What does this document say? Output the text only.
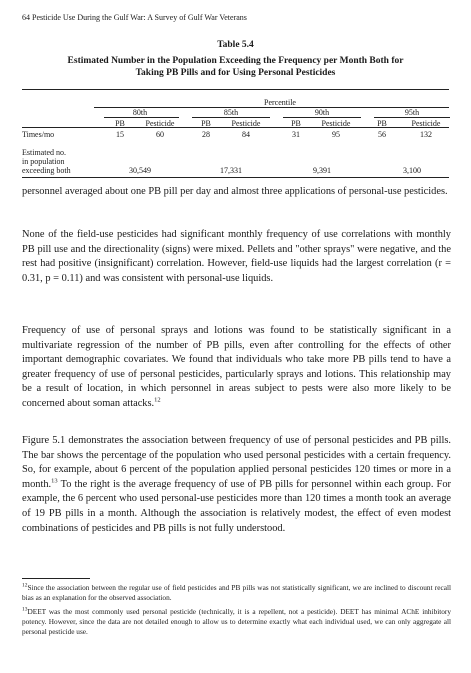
64 Pesticide Use During the Gulf War: A Survey of Gulf War Veterans
Table 5.4
Estimated Number in the Population Exceeding the Frequency per Month Both for
Taking PB Pills and for Using Personal Pesticides
Percentile
80th	85th	90th	95th
PB	Pesticide	PB	Pesticide	PB	Pesticide	PB	Pesticide
Times/mo	15	60	28	84	31	95	56	132
Estimated no.
in population
exceeding both	30,549	17,331	9,391	3,100

personnel averaged about one PB pill per day and almost three applications of personal-use pesticides.

None of the field-use pesticides had significant monthly frequency of use correlations with monthly PB pill use and the directionality (signs) were mixed. Pellets and "other sprays" were negative, and the rest had positive (insignificant) correlation. However, field-use liquids had the largest correlation (r = 0.31, p = 0.11) and was consistent with personal-use liquids.

Frequency of use of personal sprays and lotions was found to be statistically significant in a multivariate regression of the number of PB pills, even after controlling for the effects of other important demographic covariates. We found that individuals who take more PB pills tend to have a greater frequency of use of personal pesticides, particularly sprays and lotions. This relationship may be a result of location, in which personnel in areas subject to pests were also more likely to be concerned about soman attacks.$^{12}$

Figure 5.1 demonstrates the association between frequency of use of personal pesticides and PB pills. The bar shows the percentage of the population who used personal pesticides with a certain frequency. So, for example, about 6 percent of the population applied personal pesticides 120 times or more in a month.$^{13}$ To the right is the average frequency of use of PB pills for personnel within each group. For example, the 6 percent who used personal-use pesticides more than 120 times a month took an average of 19 PB pills in a month. Although the association is relatively modest, the effect of even modest combinations of pesticides and PB pills is not fully understood.

$^{12}$Since the association between the regular use of field pesticides and PB pills was not statistically significant, we are inclined to discount recall bias as an explanation for the observed association.

$^{13}$DEET was the most commonly used personal pesticide (technically, it is a repellent, not a pesticide). DEET has minimal AChE inhibitory potency. However, since the data are not detailed enough to allow us to determine exactly what each individual used, we can only aggregate all personal pesticide use.
